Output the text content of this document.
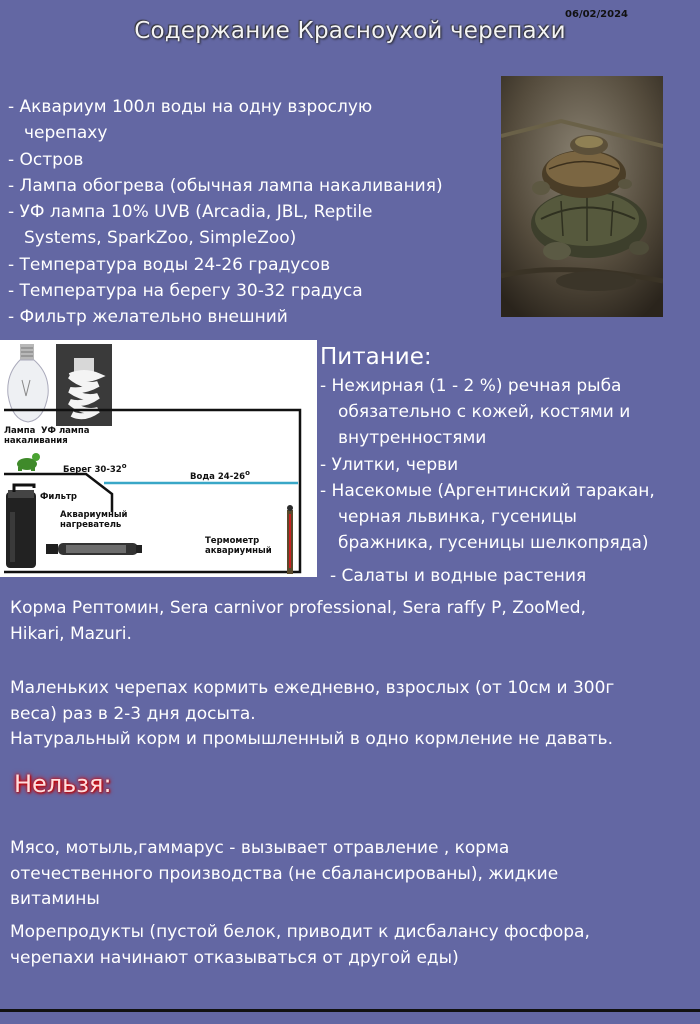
06/02/2024
Содержание Красноухой черепахи
- Аквариум 100л воды на одну взрослую
черепаху
- Остров
- Лампа обогрева (обычная лампа накаливания)
- УФ лампа 10% UVB (Arcadia, JBL, Reptile
Systems, SparkZoo, SimpleZoo)
- Температура воды 24-26 градусов
- Температура на берегу 30-32 градуса
- Фильтр желательно внешний
Лампа
накаливания
УФ лампа
Берег $30-32^о$
Вода $24-26^о$
Фильтр
Аквариумный
нагреватель
Термометр
аквариумный
Питание:
- Нежирная (1 - 2 %) речная рыба
обязательно с кожей, костями и
внутренностями
- Улитки, черви
- Насекомые (Аргентинский таракан,
черная львинка, гусеницы
бражника, гусеницы шелкопряда)
- Салаты и водные растения
Корма Рептомин, Sera carnivor professional, Sera raffy P, ZooMed,
Hikari, Mazuri.
Маленьких черепах кормить ежедневно, взрослых (от 10см и 300г
веса) раз в 2-3 дня досыта.
Натуральный корм и промышленный в одно кормление не давать.
Нельзя:
Мясо, мотыль,гаммарус - вызывает отравление , корма
отечественного производства (не сбалансированы), жидкие
витамины
Морепродукты (пустой белок, приводит к дисбалансу фосфора,
черепахи начинают отказываться от другой еды)
